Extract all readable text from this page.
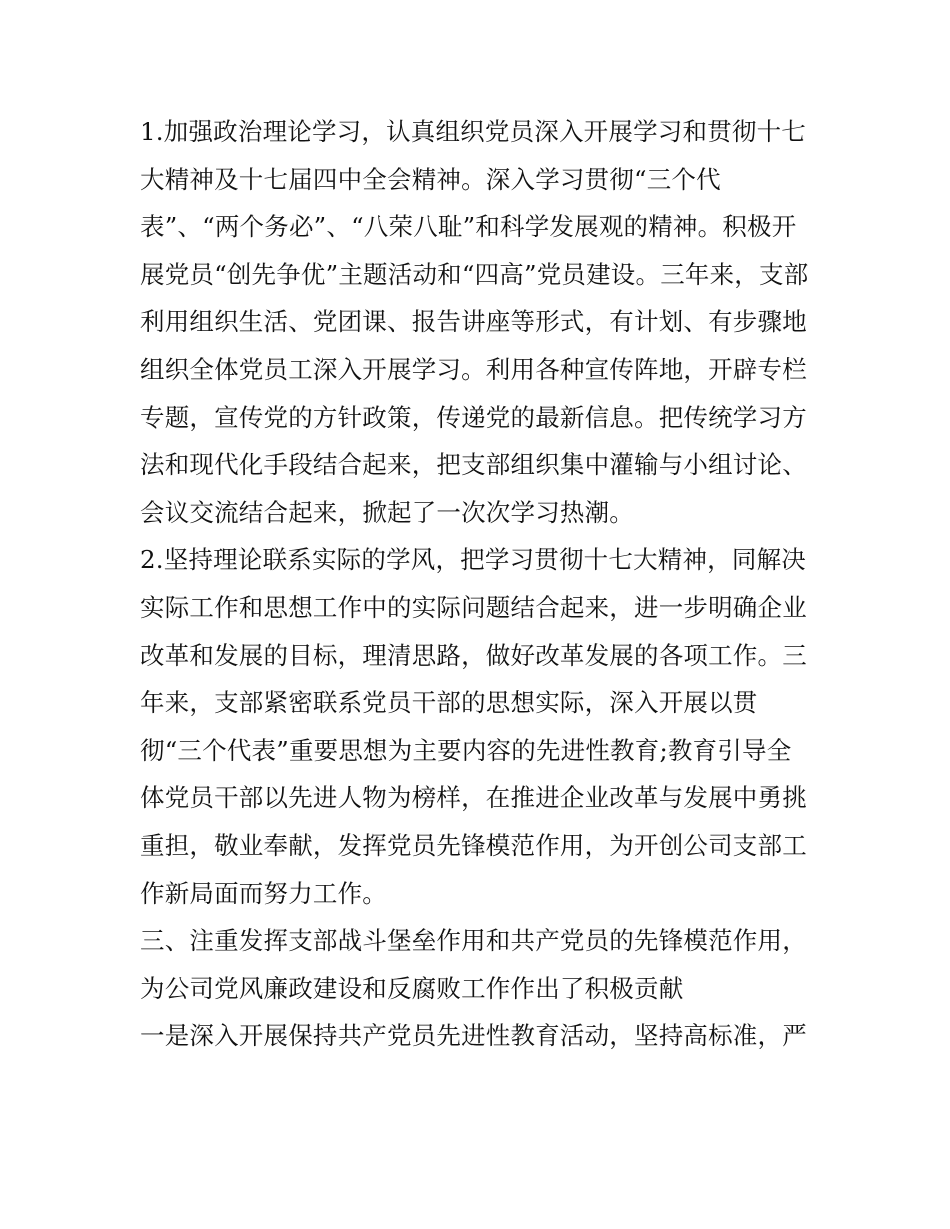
1.加强政治理论学习，认真组织党员深入开展学习和贯彻十七
大精神及十七届四中全会精神。深入学习贯彻“三个代
表”、“两个务必”、“八荣八耻”和科学发展观的精神。积极开
展党员“创先争优”主题活动和“四高”党员建设。三年来，支部
利用组织生活、党团课、报告讲座等形式，有计划、有步骤地
组织全体党员工深入开展学习。利用各种宣传阵地，开辟专栏
专题，宣传党的方针政策，传递党的最新信息。把传统学习方
法和现代化手段结合起来，把支部组织集中灌输与小组讨论、
会议交流结合起来，掀起了一次次学习热潮。
2.坚持理论联系实际的学风，把学习贯彻十七大精神，同解决
实际工作和思想工作中的实际问题结合起来，进一步明确企业
改革和发展的目标，理清思路，做好改革发展的各项工作。三
年来，支部紧密联系党员干部的思想实际，深入开展以贯
彻“三个代表”重要思想为主要内容的先进性教育;教育引导全
体党员干部以先进人物为榜样，在推进企业改革与发展中勇挑
重担，敬业奉献，发挥党员先锋模范作用，为开创公司支部工
作新局面而努力工作。
三、注重发挥支部战斗堡垒作用和共产党员的先锋模范作用，
为公司党风廉政建设和反腐败工作作出了积极贡献
一是深入开展保持共产党员先进性教育活动，坚持高标准，严
